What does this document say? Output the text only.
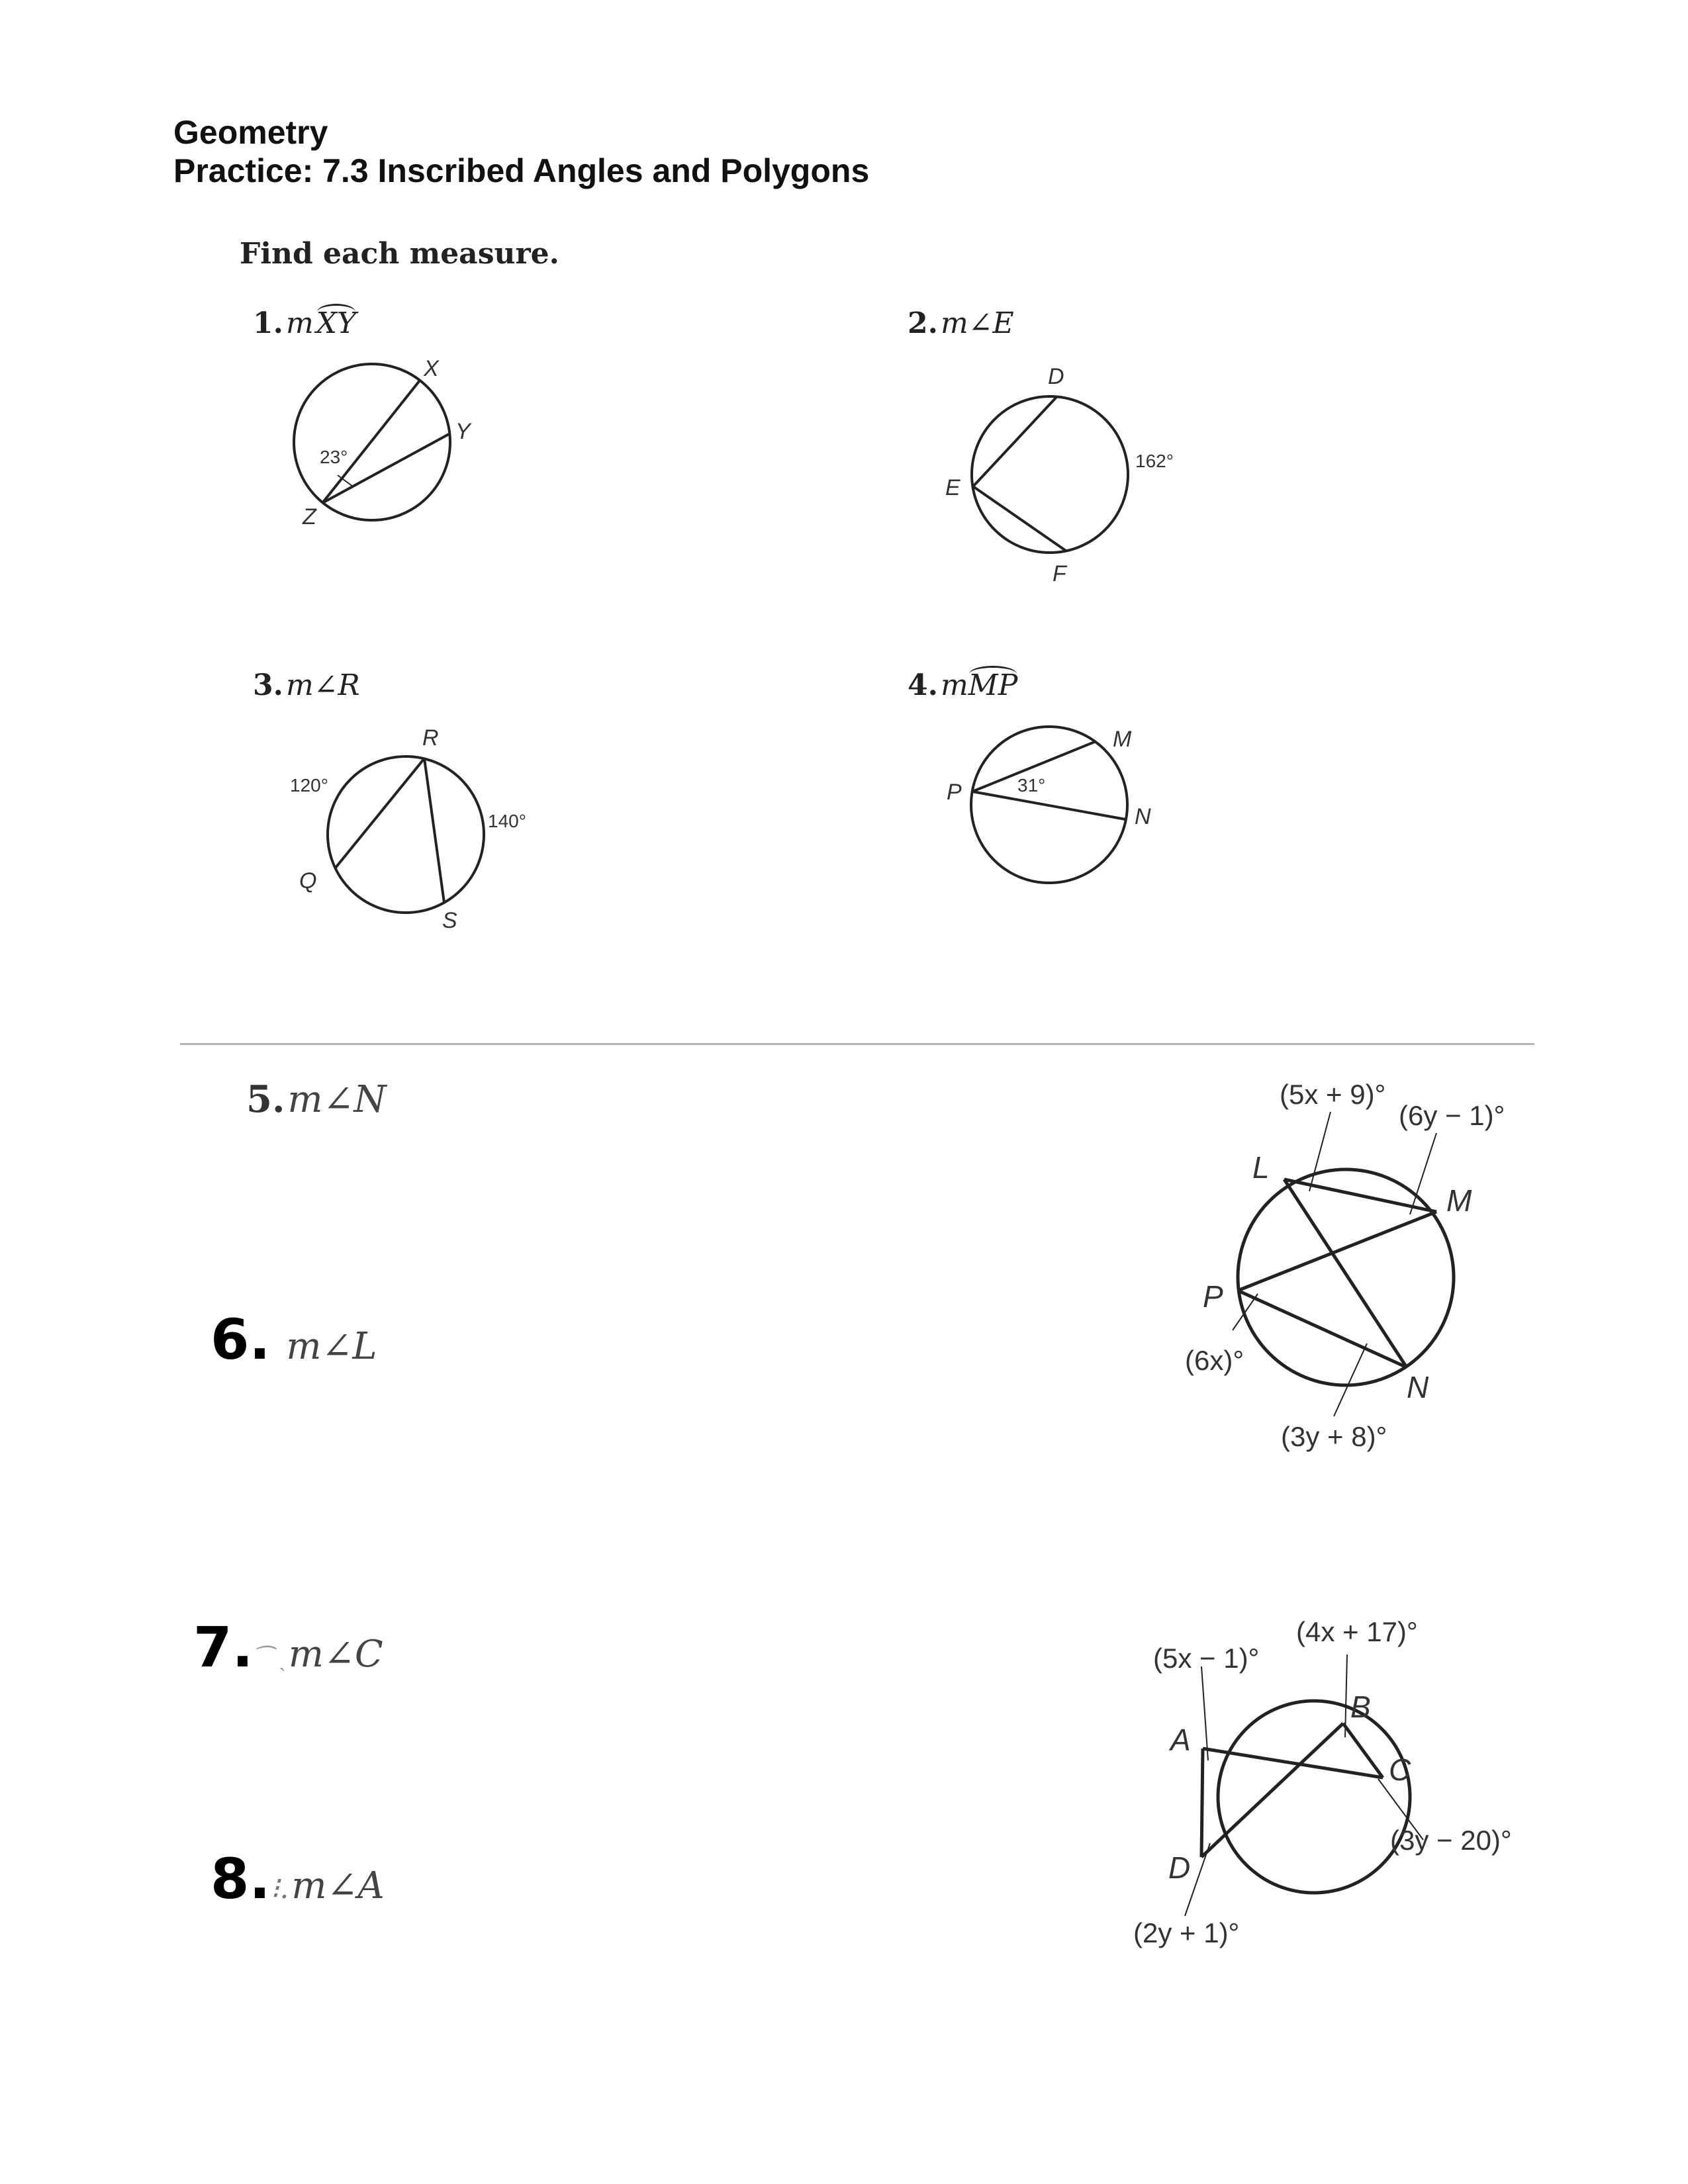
Geometry
Practice: 7.3 Inscribed Angles and Polygons
Find each measure.
1. m XY
X
Y
Z
23°
2. m∠E
D
E
F
162°
3. m∠R
R
Q
S
120°
140°
4. mMP
P
M
N
31°
5. m∠N
6. m∠L
7.⁀ ˎ m∠C
8.⁝. m∠A
L
M
P
N
(5x + 9)°
(6y − 1)°
(6x)°
(3y + 8)°
A
B
C
D
(5x − 1)°
(4x + 17)°
(3y − 20)°
(2y + 1)°
